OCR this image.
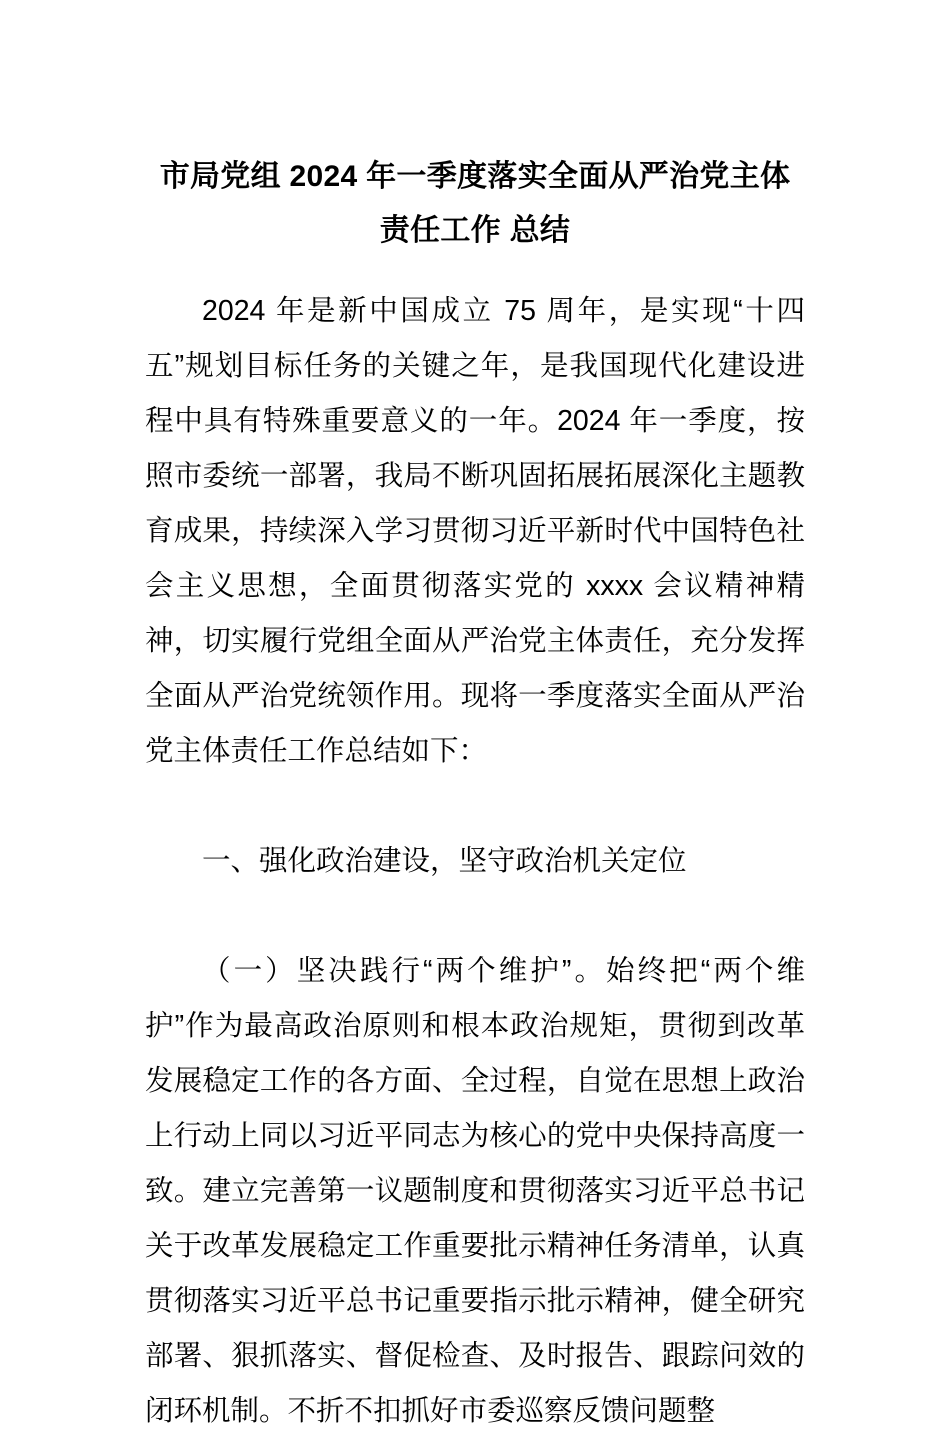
市局党组 2024 年一季度落实全面从严治党主体责任工作 总结

2024 年是新中国成立 75 周年，是实现“十四五”规划目标任务的关键之年，是我国现代化建设进程中具有特殊重要意义的一年。2024 年一季度，按照市委统一部署，我局不断巩固拓展拓展深化主题教育成果，持续深入学习贯彻习近平新时代中国特色社会主义思想，全面贯彻落实党的 xxxx 会议精神精神，切实履行党组全面从严治党主体责任，充分发挥全面从严治党统领作用。现将一季度落实全面从严治党主体责任工作总结如下：

一、强化政治建设，坚守政治机关定位

（一）坚决践行“两个维护”。始终把“两个维护”作为最高政治原则和根本政治规矩，贯彻到改革发展稳定工作的各方面、全过程，自觉在思想上政治上行动上同以习近平同志为核心的党中央保持高度一致。建立完善第一议题制度和贯彻落实习近平总书记关于改革发展稳定工作重要批示精神任务清单，认真贯彻落实习近平总书记重要指示批示精神，健全研究部署、狠抓落实、督促检查、及时报告、跟踪问效的闭环机制。不折不扣抓好市委巡察反馈问题整
